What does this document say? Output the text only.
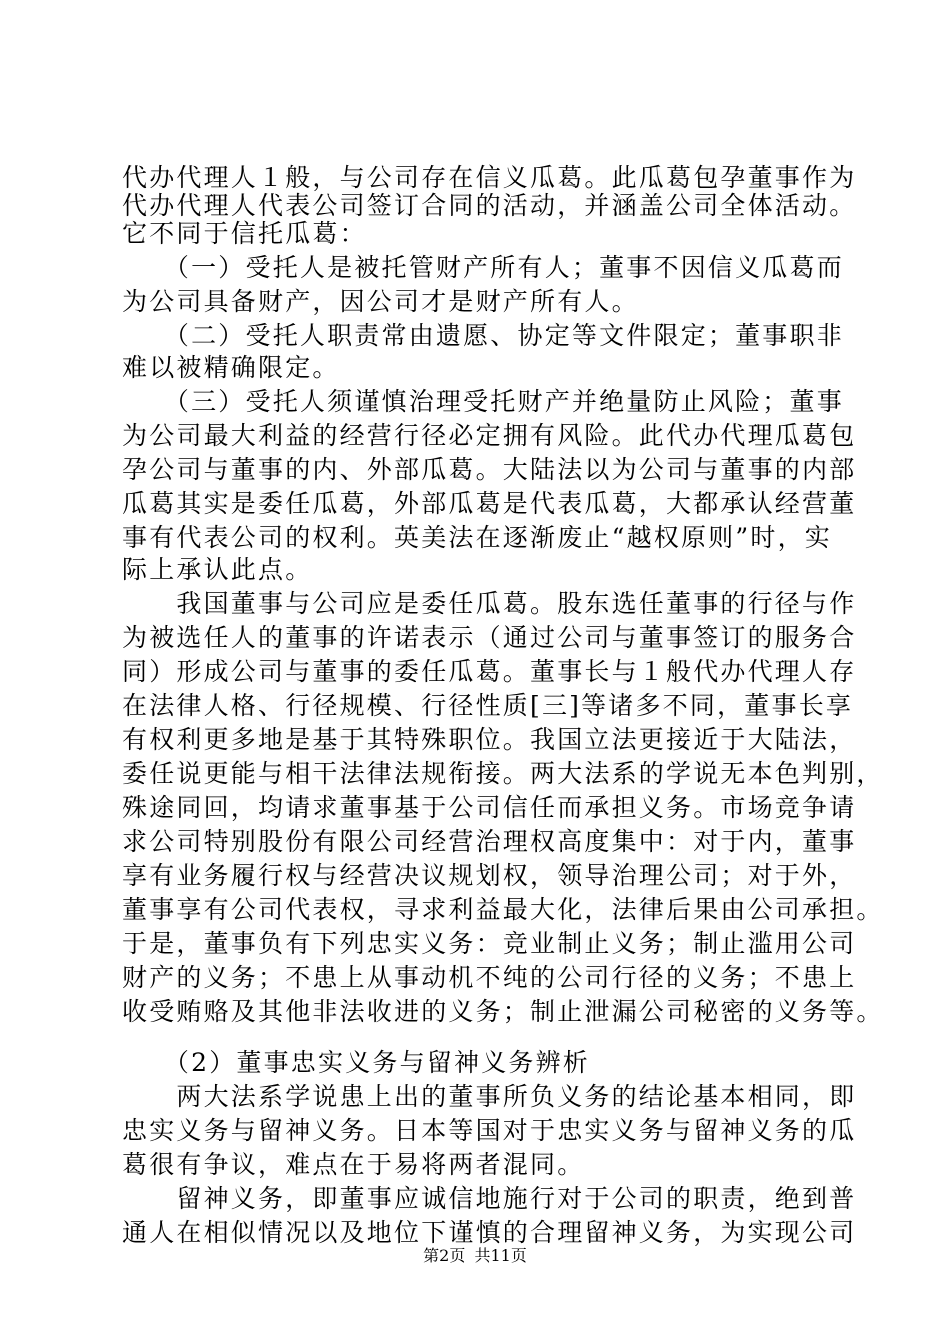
代办代理人１般，与公司存在信义瓜葛。此瓜葛包孕董事作为
代办代理人代表公司签订合同的活动，并涵盖公司全体活动。
它不同于信托瓜葛：
　　（一）受托人是被托管财产所有人；董事不因信义瓜葛而
为公司具备财产，因公司才是财产所有人。
　　（二）受托人职责常由遗愿、协定等文件限定；董事职非
难以被精确限定。
　　（三）受托人须谨慎治理受托财产并绝量防止风险；董事
为公司最大利益的经营行径必定拥有风险。此代办代理瓜葛包
孕公司与董事的内、外部瓜葛。大陆法以为公司与董事的内部
瓜葛其实是委任瓜葛，外部瓜葛是代表瓜葛，大都承认经营董
事有代表公司的权利。英美法在逐渐废止“越权原则”时，实
际上承认此点。
　　我国董事与公司应是委任瓜葛。股东选任董事的行径与作
为被选任人的董事的许诺表示（通过公司与董事签订的服务合
同）形成公司与董事的委任瓜葛。董事长与１般代办代理人存
在法律人格、行径规模、行径性质[三]等诸多不同，董事长享
有权利更多地是基于其特殊职位。我国立法更接近于大陆法，
委任说更能与相干法律法规衔接。两大法系的学说无本色判别，
殊途同回，均请求董事基于公司信任而承担义务。市场竞争请
求公司特别股份有限公司经营治理权高度集中：对于内，董事
享有业务履行权与经营决议规划权，领导治理公司；对于外，
董事享有公司代表权，寻求利益最大化，法律后果由公司承担。
于是，董事负有下列忠实义务：竞业制止义务；制止滥用公司
财产的义务；不患上从事动机不纯的公司行径的义务；不患上
收受贿赂及其他非法收进的义务；制止泄漏公司秘密的义务等。
　　（2）董事忠实义务与留神义务辨析
　　两大法系学说患上出的董事所负义务的结论基本相同，即
忠实义务与留神义务。日本等国对于忠实义务与留神义务的瓜
葛很有争议，难点在于易将两者混同。
　　留神义务，即董事应诚信地施行对于公司的职责，绝到普
通人在相似情况以及地位下谨慎的合理留神义务，为实现公司
第2页 共11页
